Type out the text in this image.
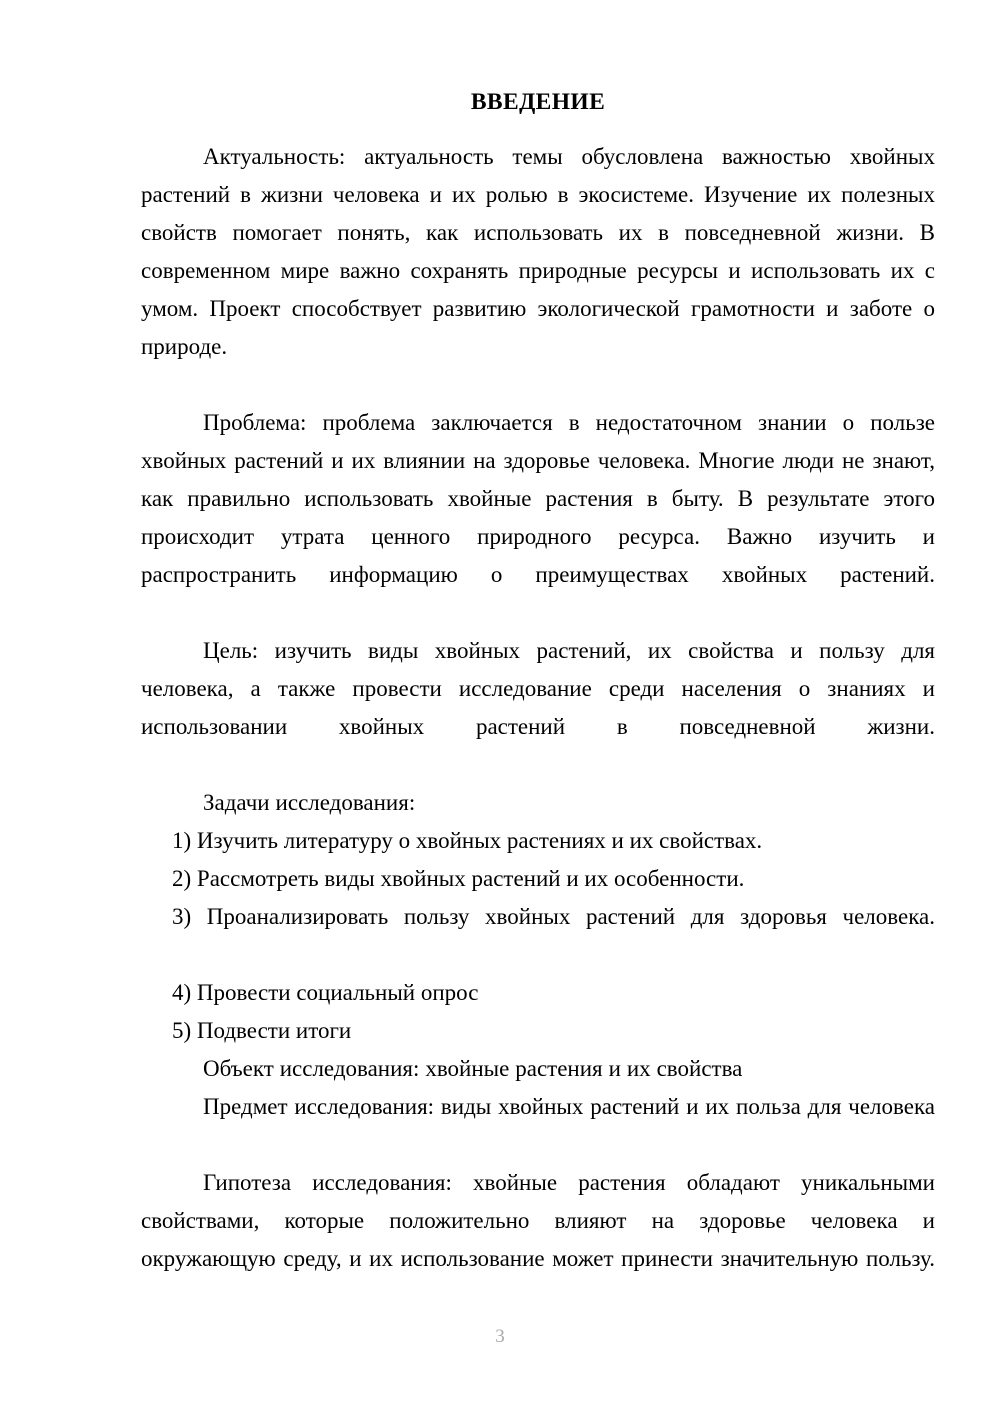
ВВЕДЕНИЕ

Актуальность: актуальность темы обусловлена важностью хвойных растений в жизни человека и их ролью в экосистеме. Изучение их полезных свойств помогает понять, как использовать их в повседневной жизни. В современном мире важно сохранять природные ресурсы и использовать их с умом. Проект способствует развитию экологической грамотности и заботе о природе.

Проблема: проблема заключается в недостаточном знании о пользе хвойных растений и их влиянии на здоровье человека. Многие люди не знают, как правильно использовать хвойные растения в быту. В результате этого происходит утрата ценного природного ресурса. Важно изучить и распространить информацию о преимуществах хвойных растений.

Цель: изучить виды хвойных растений, их свойства и пользу для человека, а также провести исследование среди населения о знаниях и использовании хвойных растений в повседневной жизни.

Задачи исследования:

1) Изучить литературу о хвойных растениях и их свойствах.

2) Рассмотреть виды хвойных растений и их особенности.

3) Проанализировать пользу хвойных растений для здоровья человека.

4) Провести социальный опрос

5) Подвести итоги

Объект исследования: хвойные растения и их свойства

Предмет исследования: виды хвойных растений и их польза для человека

Гипотеза исследования: хвойные растения обладают уникальными свойствами, которые положительно влияют на здоровье человека и окружающую среду, и их использование может принести значительную пользу.

3
